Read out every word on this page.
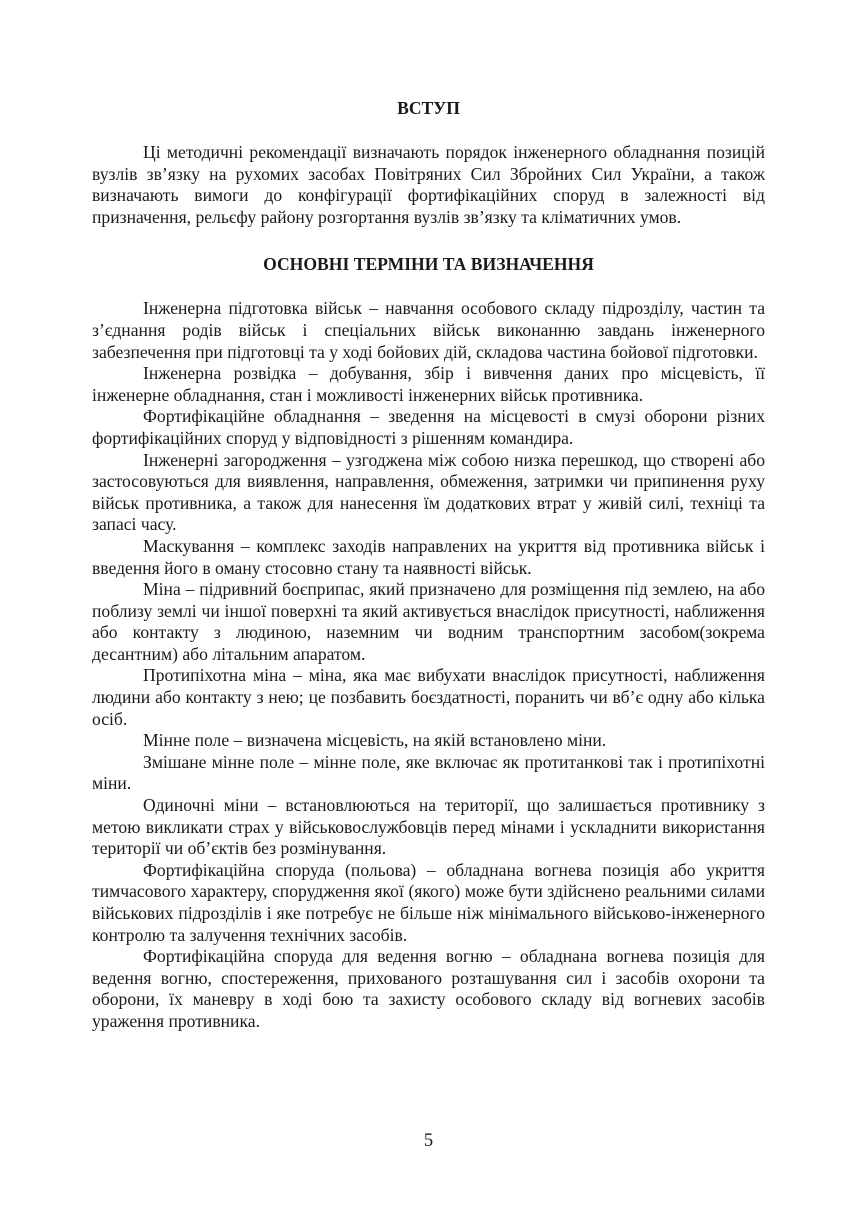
ВСТУП

Ці методичні рекомендації визначають порядок інженерного обладнання позицій вузлів зв’язку на рухомих засобах Повітряних Сил Збройних Сил України, а також визначають вимоги до конфігурації фортифікаційних споруд в залежності від призначення, рельєфу району розгортання вузлів зв’язку та кліматичних умов.

ОСНОВНІ ТЕРМІНИ ТА ВИЗНАЧЕННЯ

Інженерна підготовка військ – навчання особового складу підрозділу, частин та з’єднання родів військ і спеціальних військ виконанню завдань інженерного забезпечення при підготовці та у ході бойових дій, складова частина бойової підготовки.

Інженерна розвідка – добування, збір і вивчення даних про місцевість, її інженерне обладнання, стан і можливості інженерних військ противника.

Фортифікаційне обладнання – зведення на місцевості в смузі оборони різних фортифікаційних споруд у відповідності з рішенням командира.

Інженерні загородження – узгоджена між собою низка перешкод, що створені або застосовуються для виявлення, направлення, обмеження, затримки чи припинення руху військ противника, а також для нанесення їм додаткових втрат у живій силі, техніці та запасі часу.

Маскування – комплекс заходів направлених на укриття від противника військ і введення його в оману стосовно стану та наявності військ.

Міна – підривний боєприпас, який призначено для розміщення під землею, на або поблизу землі чи іншої поверхні та який активується внаслідок присутності, наближення або контакту з людиною, наземним чи водним транспортним засобом(зокрема десантним) або літальним апаратом.

Протипіхотна міна – міна, яка має вибухати внаслідок присутності, наближення людини або контакту з нею; це позбавить боєздатності, поранить чи вб’є одну або кілька осіб.

Мінне поле – визначена місцевість, на якій встановлено міни.

Змішане мінне поле – мінне поле, яке включає як протитанкові так і протипіхотні міни.

Одиночні міни – встановлюються на території, що залишається противнику з метою викликати страх у військовослужбовців перед мінами і ускладнити використання території чи об’єктів без розмінування.

Фортифікаційна споруда (польова) – обладнана вогнева позиція або укриття тимчасового характеру, спорудження якої (якого) може бути здійснено реальними силами військових підрозділів і яке потребує не більше ніж мінімального військово-інженерного контролю та залучення технічних засобів.

Фортифікаційна споруда для ведення вогню – обладнана вогнева позиція для ведення вогню, спостереження, прихованого розташування сил і засобів охорони та оборони, їх маневру в ході бою та захисту особового складу від вогневих засобів ураження противника.

5
